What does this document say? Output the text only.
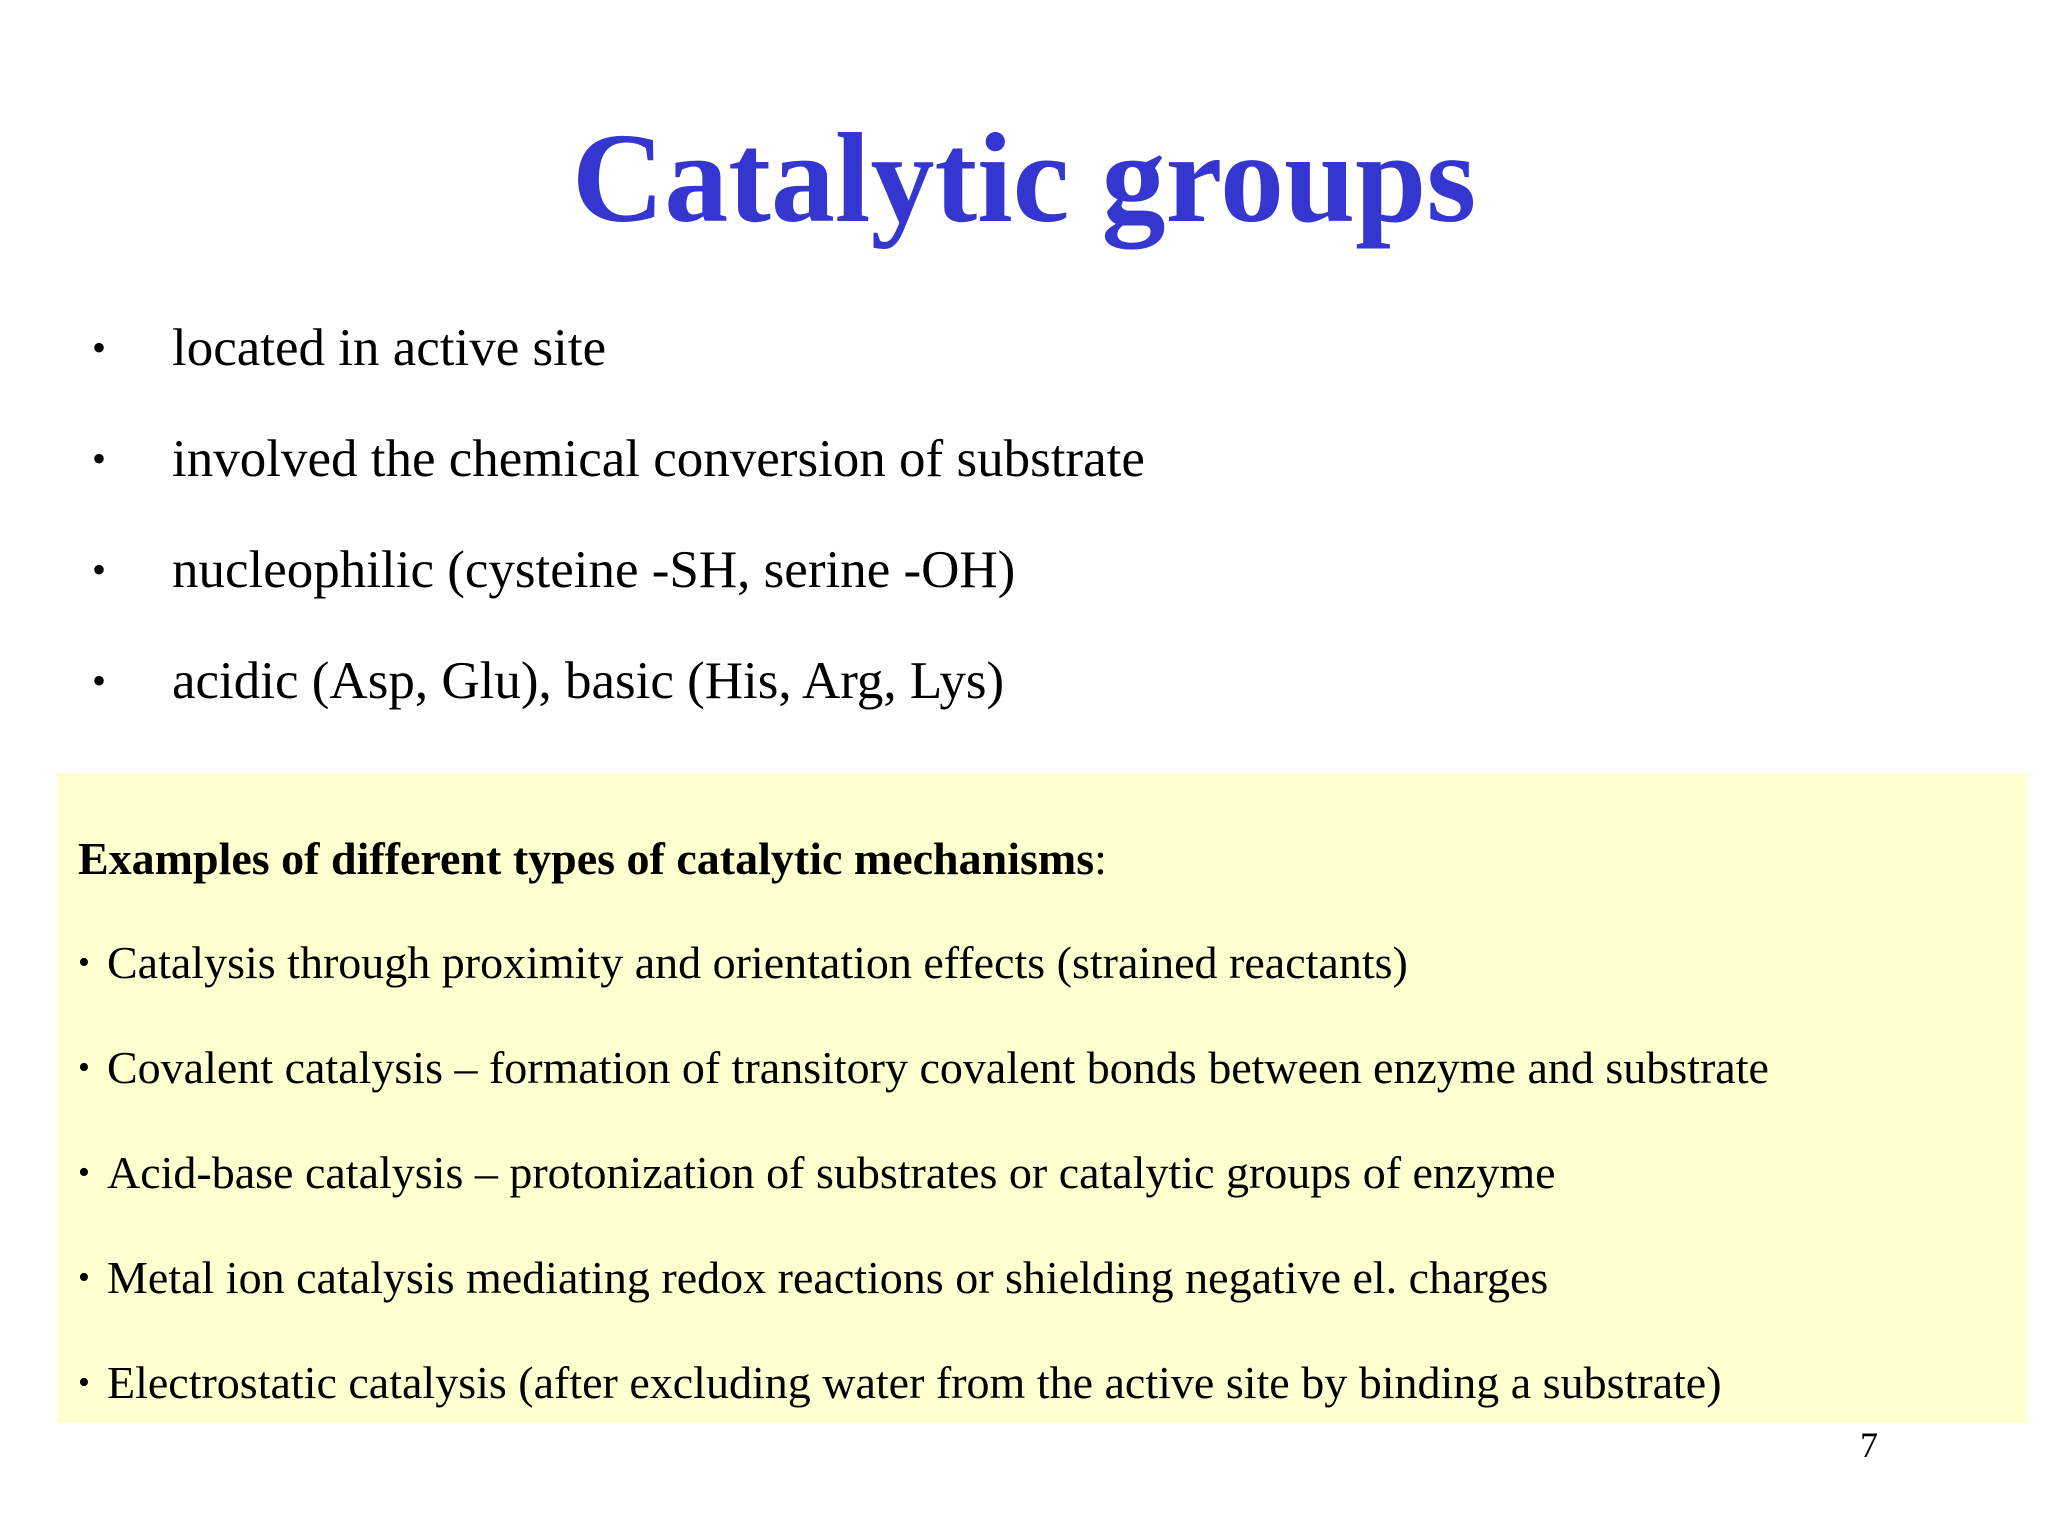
Catalytic groups
• located in active site
• involved the chemical conversion of substrate
• nucleophilic (cysteine -SH, serine -OH)
• acidic (Asp, Glu), basic (His, Arg, Lys)
Examples of different types of catalytic mechanisms:
• Catalysis through proximity and orientation effects (strained reactants)
• Covalent catalysis – formation of transitory covalent bonds between enzyme and substrate
• Acid-base catalysis – protonization of substrates or catalytic groups of enzyme
• Metal ion catalysis mediating redox reactions or shielding negative el. charges
• Electrostatic catalysis (after excluding water from the active site by binding a substrate)
7
